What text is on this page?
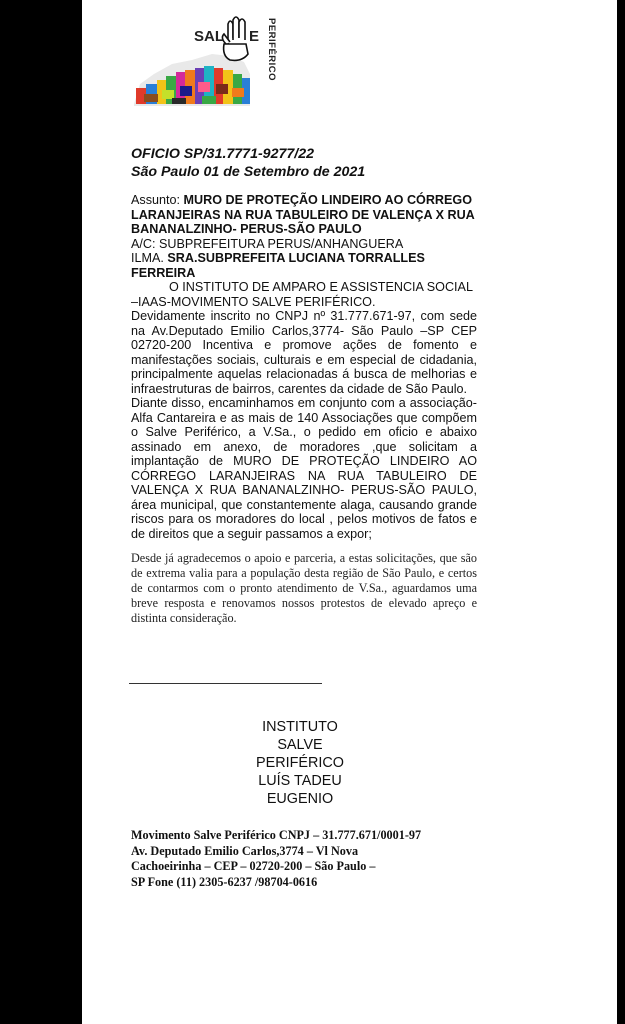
SAL E PERIFÉRICO
OFICIO SP/31.7771-9277/22
São Paulo 01 de Setembro de 2021
Assunto: MURO DE PROTEÇÃO LINDEIRO AO CÓRREGO LARANJEIRAS NA RUA TABULEIRO DE VALENÇA X RUA BANANALZINHO- PERUS-SÃO PAULO
A/C: SUBPREFEITURA PERUS/ANHANGUERA
ILMA. SRA.SUBPREFEITA LUCIANA TORRALLES FERREIRA
O INSTITUTO DE AMPARO E ASSISTENCIA SOCIAL –IAAS-MOVIMENTO SALVE PERIFÉRICO.
Devidamente inscrito no CNPJ nº 31.777.671-97, com sede na Av.Deputado Emilio Carlos,3774- São Paulo –SP CEP 02720-200 Incentiva e promove ações de fomento e manifestações sociais, culturais e em especial de cidadania, principalmente aquelas relacionadas á busca de melhorias e infraestruturas de bairros, carentes da cidade de São Paulo.
Diante disso, encaminhamos em conjunto com a associação-Alfa Cantareira e as mais de 140 Associações que compõem o Salve Periférico, a V.Sa., o pedido em oficio e abaixo assinado em anexo, de moradores ,que solicitam a implantação de MURO DE PROTEÇÃO LINDEIRO AO CÓRREGO LARANJEIRAS NA RUA TABULEIRO DE VALENÇA X RUA BANANALZINHO- PERUS-SÃO PAULO, área municipal, que constantemente alaga, causando grande riscos para os moradores do local , pelos motivos de fatos e de direitos que a seguir passamos a expor;
Desde já agradecemos o apoio e parceria, a estas solicitações, que são de extrema valia para a população desta região de São Paulo, e certos de contarmos com o pronto atendimento de V.Sa., aguardamos uma breve resposta e renovamos nossos protestos de elevado apreço e distinta consideração.
INSTITUTO
SALVE
PERIFÉRICO
LUÍS TADEU
EUGENIO
Movimento Salve Periférico CNPJ – 31.777.671/0001-97
Av. Deputado Emilio Carlos,3774 – Vl Nova
Cachoeirinha – CEP – 02720-200 – São Paulo –
SP Fone (11) 2305-6237 /98704-0616
